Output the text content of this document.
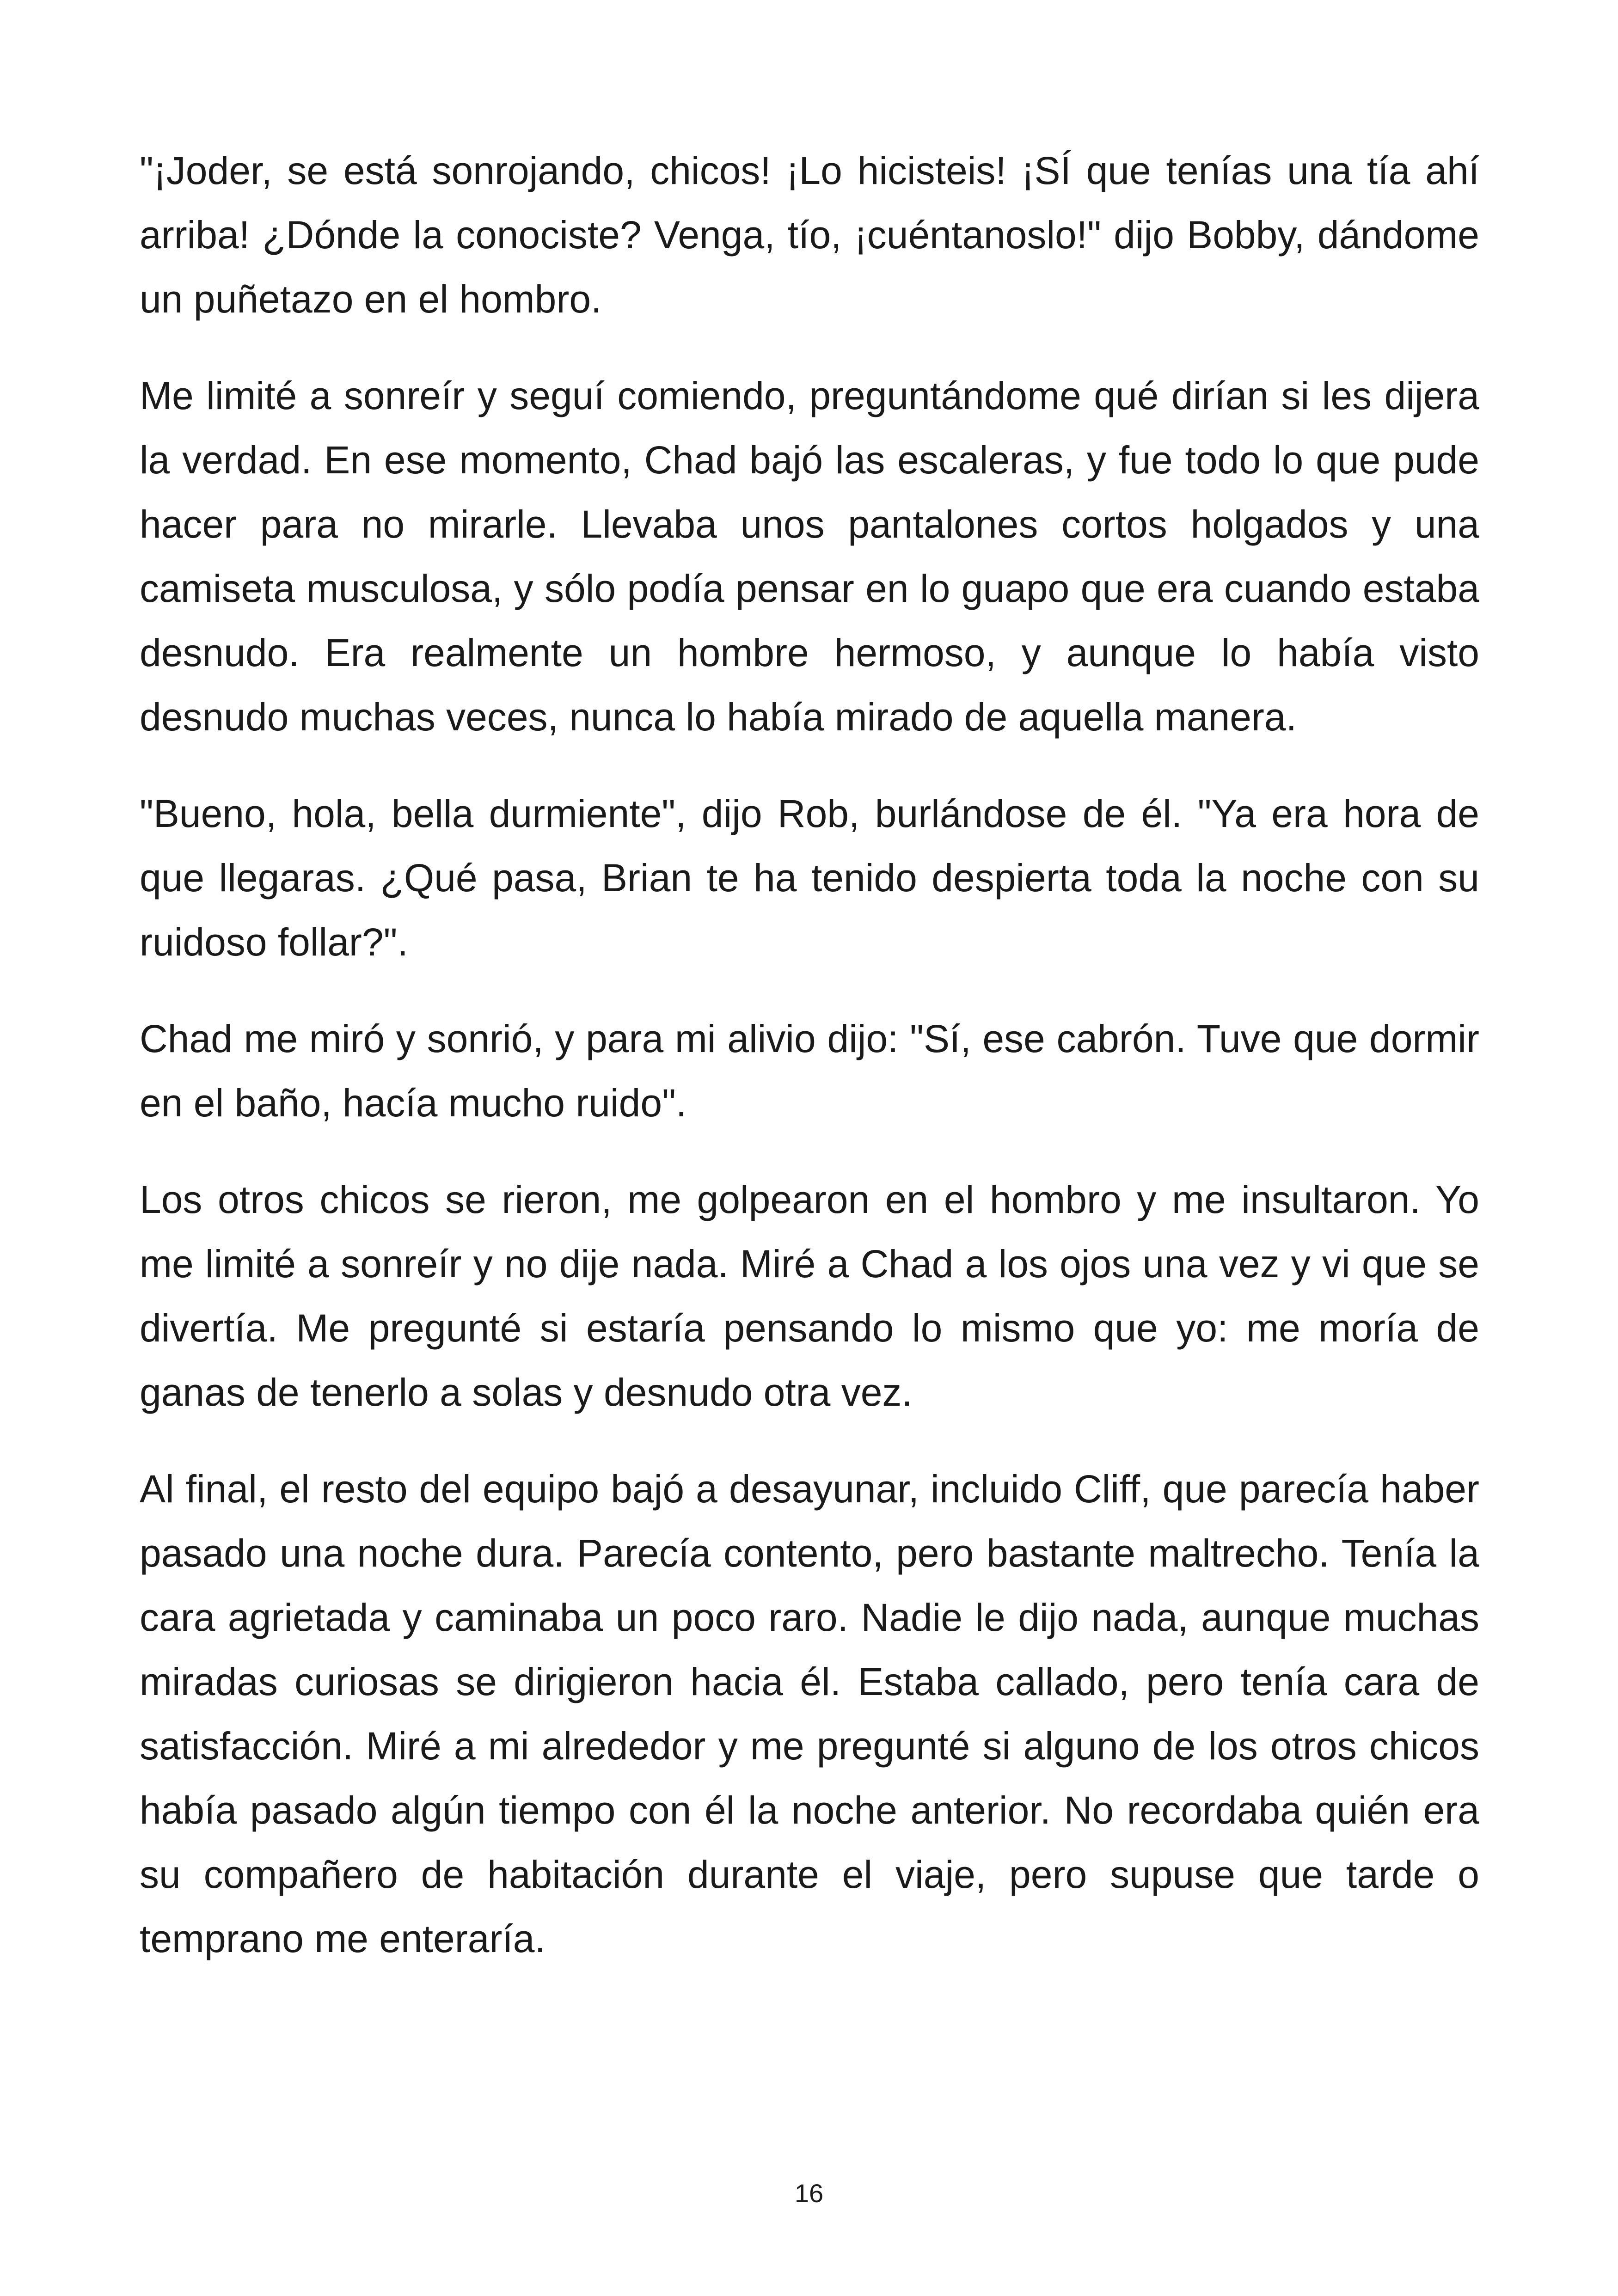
"¡Joder, se está sonrojando, chicos! ¡Lo hicisteis! ¡SÍ que tenías una tía ahí arriba! ¿Dónde la conociste? Venga, tío, ¡cuéntanoslo!" dijo Bobby, dándome un puñetazo en el hombro.

Me limité a sonreír y seguí comiendo, preguntándome qué dirían si les dijera la verdad. En ese momento, Chad bajó las escaleras, y fue todo lo que pude hacer para no mirarle. Llevaba unos pantalones cortos holgados y una camiseta musculosa, y sólo podía pensar en lo guapo que era cuando estaba desnudo. Era realmente un hombre hermoso, y aunque lo había visto desnudo muchas veces, nunca lo había mirado de aquella manera.

"Bueno, hola, bella durmiente", dijo Rob, burlándose de él. "Ya era hora de que llegaras. ¿Qué pasa, Brian te ha tenido despierta toda la noche con su ruidoso follar?".

Chad me miró y sonrió, y para mi alivio dijo: "Sí, ese cabrón. Tuve que dormir en el baño, hacía mucho ruido".

Los otros chicos se rieron, me golpearon en el hombro y me insultaron. Yo me limité a sonreír y no dije nada. Miré a Chad a los ojos una vez y vi que se divertía. Me pregunté si estaría pensando lo mismo que yo: me moría de ganas de tenerlo a solas y desnudo otra vez.

Al final, el resto del equipo bajó a desayunar, incluido Cliff, que parecía haber pasado una noche dura. Parecía contento, pero bastante maltrecho. Tenía la cara agrietada y caminaba un poco raro. Nadie le dijo nada, aunque muchas miradas curiosas se dirigieron hacia él. Estaba callado, pero tenía cara de satisfacción. Miré a mi alrededor y me pregunté si alguno de los otros chicos había pasado algún tiempo con él la noche anterior. No recordaba quién era su compañero de habitación durante el viaje, pero supuse que tarde o temprano me enteraría.

16
